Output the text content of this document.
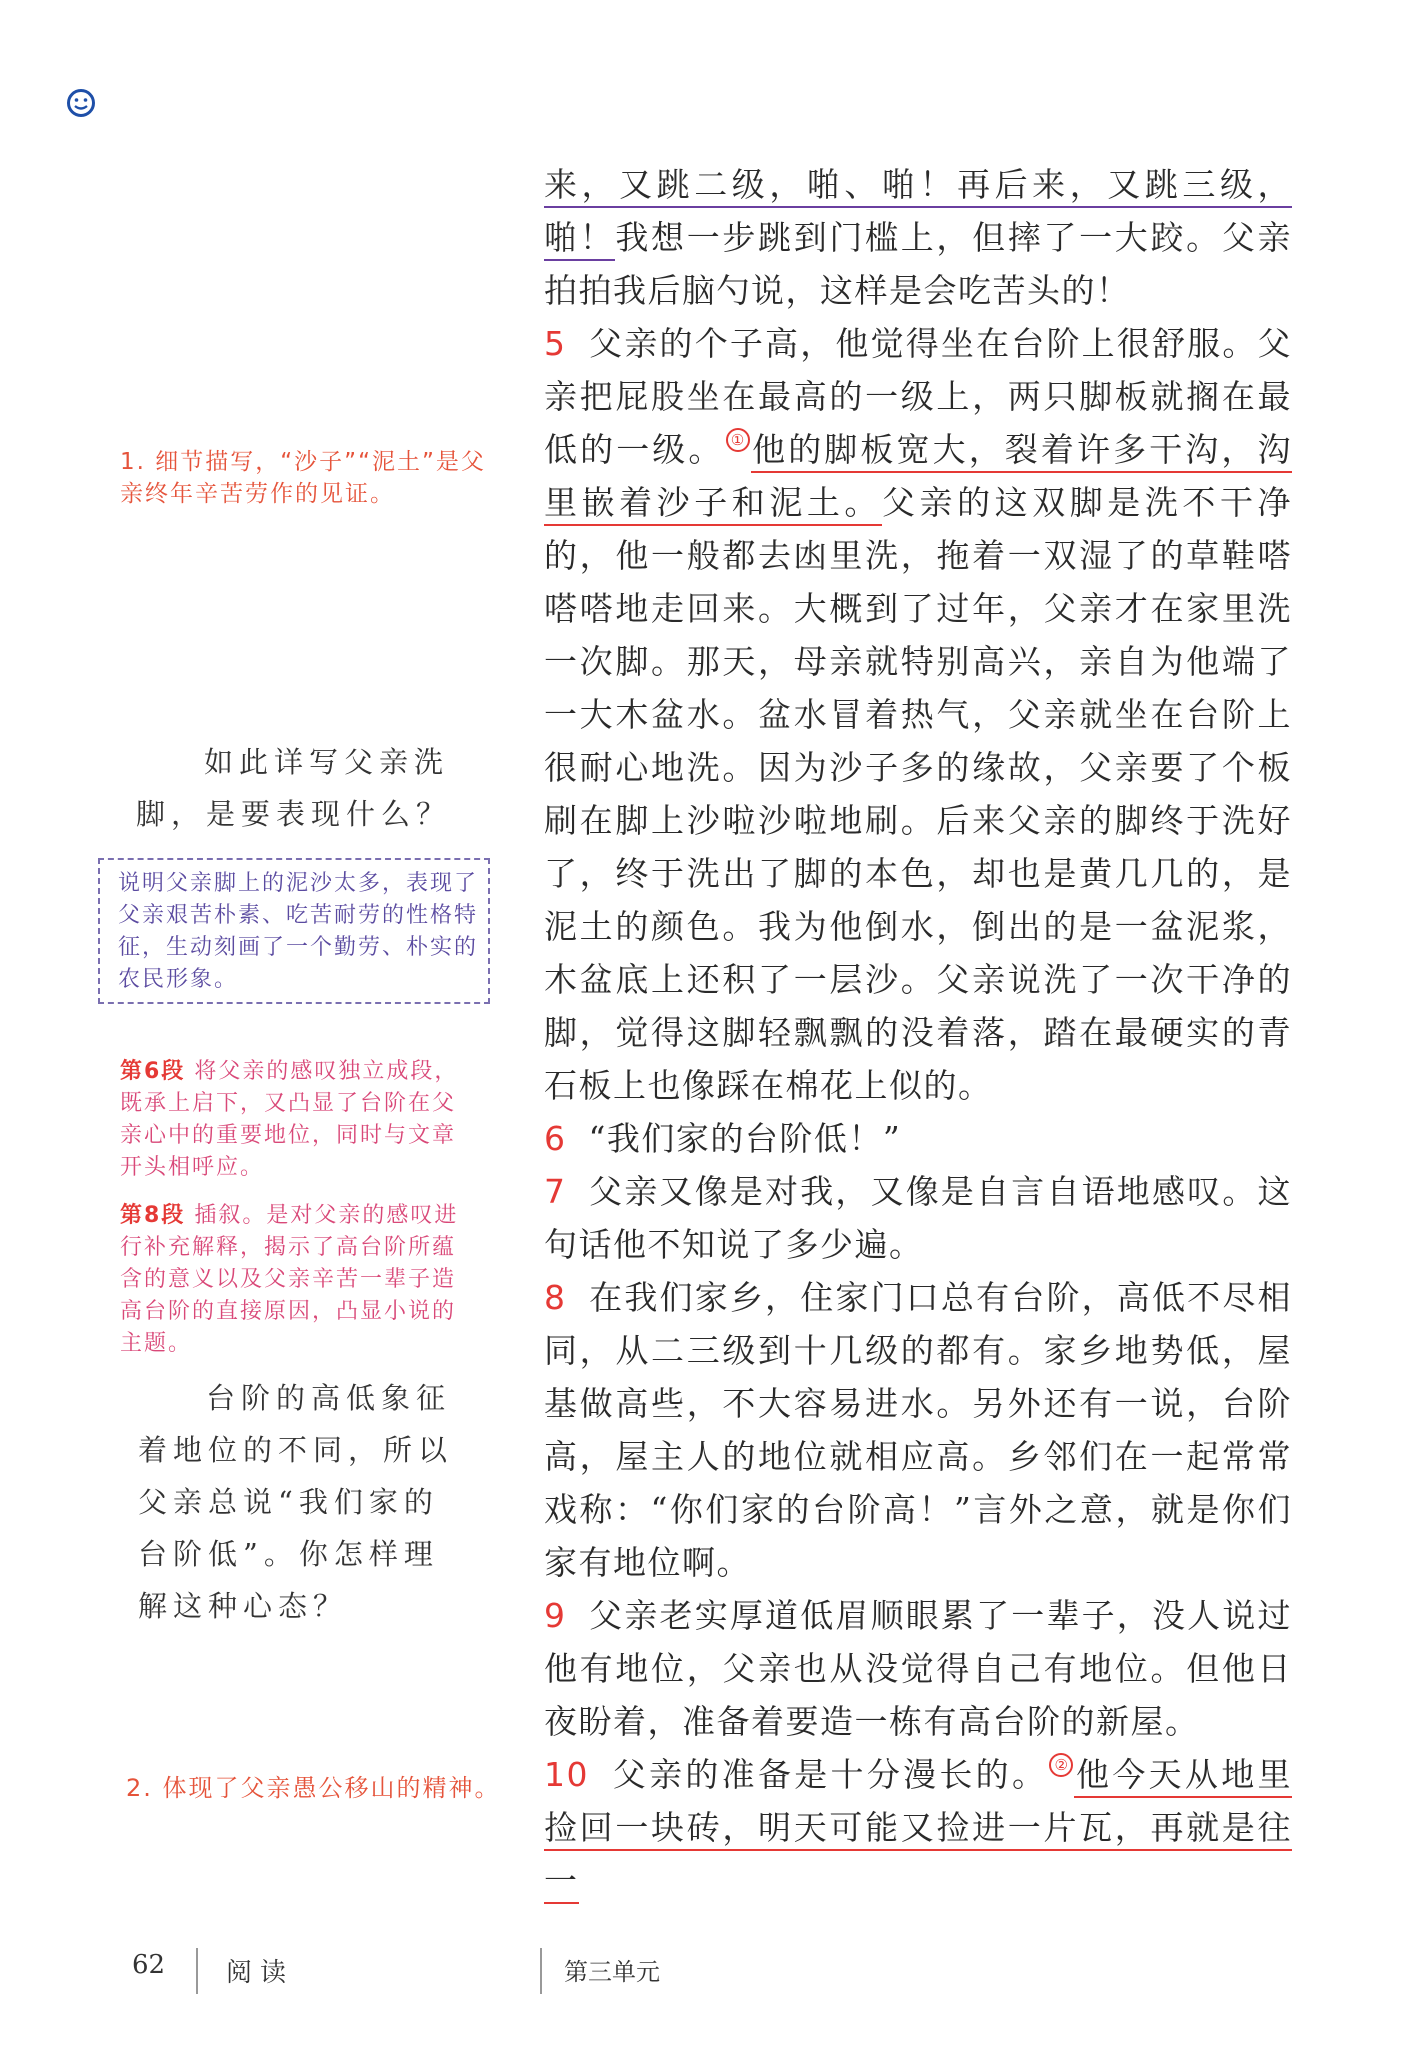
来，又跳二级，啪、啪！再后来，又跳三级，啪！我想一步跳到门槛上，但摔了一大跤。父亲拍拍我后脑勺说，这样是会吃苦头的！

5 父亲的个子高，他觉得坐在台阶上很舒服。父亲把屁股坐在最高的一级上，两只脚板就搁在最低的一级。 ① 他的脚板宽大，裂着许多干沟，沟里嵌着沙子和泥土。父亲的这双脚是洗不干净的，他一般都去凼里洗，拖着一双湿了的草鞋嗒嗒嗒地走回来。大概到了过年，父亲才在家里洗一次脚。那天，母亲就特别高兴，亲自为他端了一大木盆水。盆水冒着热气，父亲就坐在台阶上很耐心地洗。因为沙子多的缘故，父亲要了个板刷在脚上沙啦沙啦地刷。后来父亲的脚终于洗好了，终于洗出了脚的本色，却也是黄几几的，是泥土的颜色。我为他倒水，倒出的是一盆泥浆，木盆底上还积了一层沙。父亲说洗了一次干净的脚，觉得这脚轻飘飘的没着落，踏在最硬实的青石板上也像踩在棉花上似的。

6 “我们家的台阶低！”

7 父亲又像是对我，又像是自言自语地感叹。这句话他不知说了多少遍。

8 在我们家乡，住家门口总有台阶，高低不尽相同，从二三级到十几级的都有。家乡地势低，屋基做高些，不大容易进水。另外还有一说，台阶高，屋主人的地位就相应高。乡邻们在一起常常戏称：“你们家的台阶高！”言外之意，就是你们家有地位啊。

9 父亲老实厚道低眉顺眼累了一辈子，没人说过他有地位，父亲也从没觉得自己有地位。但他日夜盼着，准备着要造一栋有高台阶的新屋。

10 父亲的准备是十分漫长的。 ② 他今天从地里捡回一块砖，明天可能又捡进一片瓦，再就是往一

1. 细节描写，“沙子”“泥土”是父亲终年辛苦劳作的见证。
如此详写父亲洗脚，是要表现什么？
说明父亲脚上的泥沙太多，表现了父亲艰苦朴素、吃苦耐劳的性格特征，生动刻画了一个勤劳、朴实的农民形象。
第6段 将父亲的感叹独立成段，既承上启下，又凸显了台阶在父亲心中的重要地位，同时与文章开头相呼应。
第8段 插叙。是对父亲的感叹进行补充解释，揭示了高台阶所蕴含的意义以及父亲辛苦一辈子造高台阶的直接原因，凸显小说的主题。
台阶的高低象征着地位的不同，所以父亲总说“我们家的台阶低”。你怎样理解这种心态？
2. 体现了父亲愚公移山的精神。
62 阅读	第三单元
